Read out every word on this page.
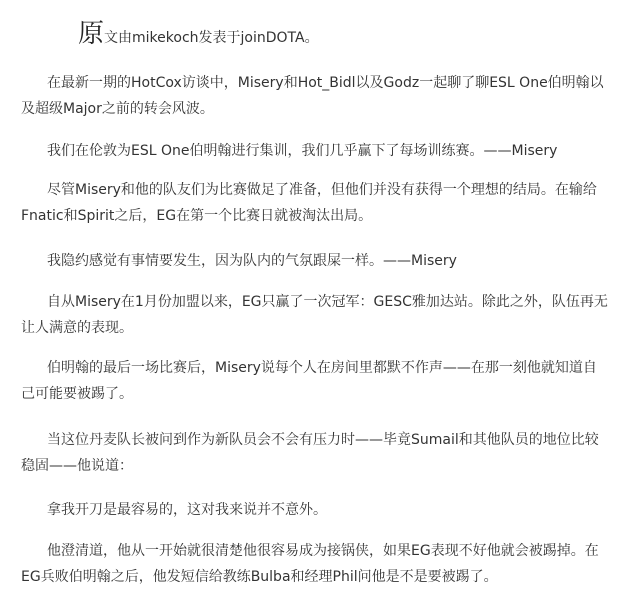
原文由mikekoch发表于joinDOTA。

在最新一期的HotCox访谈中，Misery和Hot_Bidl以及Godz一起聊了聊ESL One伯明翰以
及超级Major之前的转会风波。

我们在伦敦为ESL One伯明翰进行集训，我们几乎赢下了每场训练赛。——Misery

尽管Misery和他的队友们为比赛做足了准备，但他们并没有获得一个理想的结局。在输给
Fnatic和Spirit之后，EG在第一个比赛日就被淘汰出局。

我隐约感觉有事情要发生，因为队内的气氛跟屎一样。——Misery

自从Misery在1月份加盟以来，EG只赢了一次冠军：GESC雅加达站。除此之外，队伍再无
让人满意的表现。

伯明翰的最后一场比赛后，Misery说每个人在房间里都默不作声——在那一刻他就知道自
己可能要被踢了。

当这位丹麦队长被问到作为新队员会不会有压力时——毕竟Sumail和其他队员的地位比较
稳固——他说道：

拿我开刀是最容易的，这对我来说并不意外。

他澄清道，他从一开始就很清楚他很容易成为接锅侠，如果EG表现不好他就会被踢掉。在
EG兵败伯明翰之后，他发短信给教练Bulba和经理Phil问他是不是要被踢了。
